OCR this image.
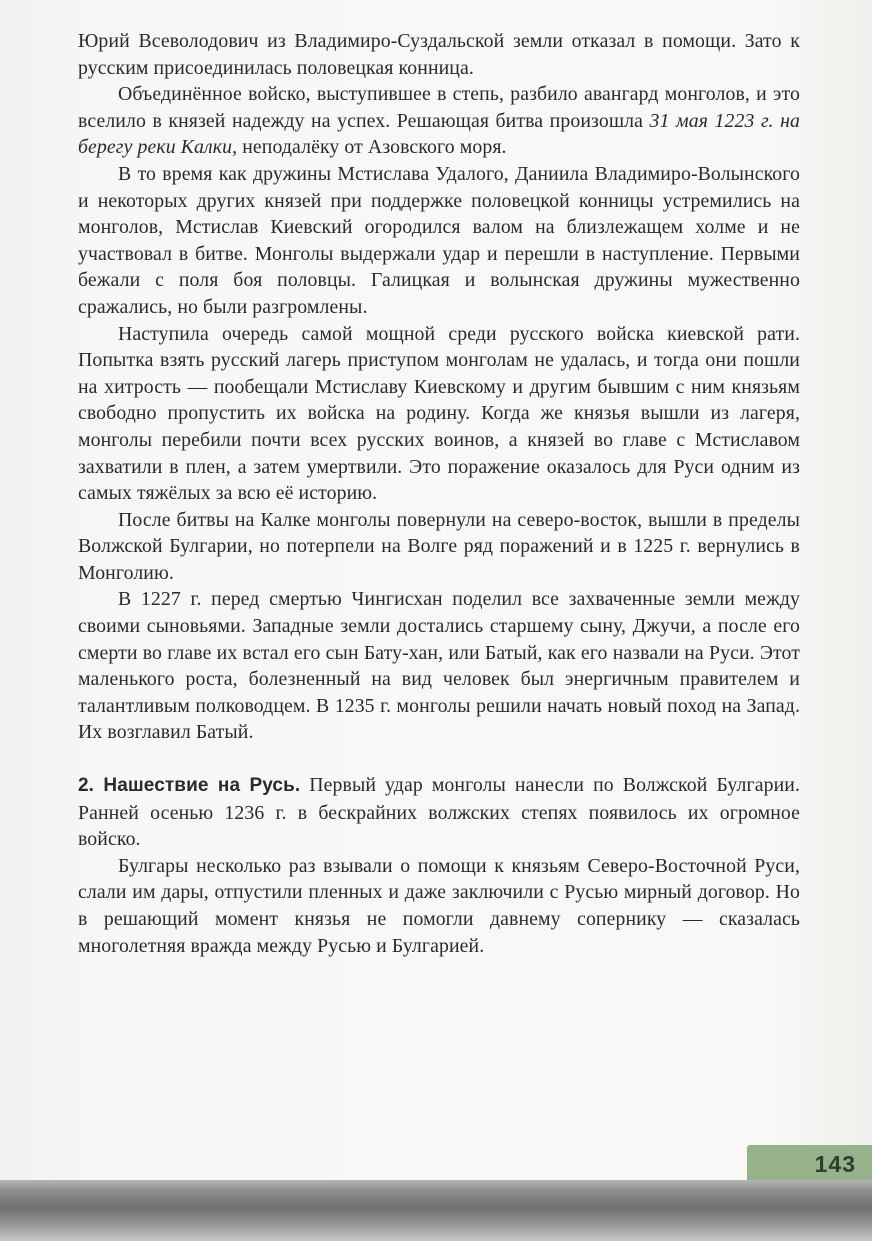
Юрий Всеволодович из Владимиро-Суздальской земли отказал в помощи. Зато к русским присоединилась половецкая конница.

Объединённое войско, выступившее в степь, разбило авангард монголов, и это вселило в князей надежду на успех. Решающая битва произошла 31 мая 1223 г. на берегу реки Калки, неподалёку от Азовского моря.

В то время как дружины Мстислава Удалого, Даниила Владимиро-Волынского и некоторых других князей при поддержке половецкой конницы устремились на монголов, Мстислав Киевский огородился валом на близлежащем холме и не участвовал в битве. Монголы выдержали удар и перешли в наступление. Первыми бежали с поля боя половцы. Галицкая и волынская дружины мужественно сражались, но были разгромлены.

Наступила очередь самой мощной среди русского войска киевской рати. Попытка взять русский лагерь приступом монголам не удалась, и тогда они пошли на хитрость — пообещали Мстиславу Киевскому и другим бывшим с ним князьям свободно пропустить их войска на родину. Когда же князья вышли из лагеря, монголы перебили почти всех русских воинов, а князей во главе с Мстиславом захватили в плен, а затем умертвили. Это поражение оказалось для Руси одним из самых тяжёлых за всю её историю.

После битвы на Калке монголы повернули на северо-восток, вышли в пределы Волжской Булгарии, но потерпели на Волге ряд поражений и в 1225 г. вернулись в Монголию.

В 1227 г. перед смертью Чингисхан поделил все захваченные земли между своими сыновьями. Западные земли достались старшему сыну, Джучи, а после его смерти во главе их встал его сын Бату-хан, или Батый, как его назвали на Руси. Этот маленького роста, болезненный на вид человек был энергичным правителем и талантливым полководцем. В 1235 г. монголы решили начать новый поход на Запад. Их возглавил Батый.

2. Нашествие на Русь. Первый удар монголы нанесли по Волжской Булгарии. Ранней осенью 1236 г. в бескрайних волжских степях появилось их огромное войско.

Булгары несколько раз взывали о помощи к князьям Северо-Восточной Руси, слали им дары, отпустили пленных и даже заключили с Русью мирный договор. Но в решающий момент князья не помогли давнему сопернику — сказалась многолетняя вражда между Русью и Булгарией.

143
